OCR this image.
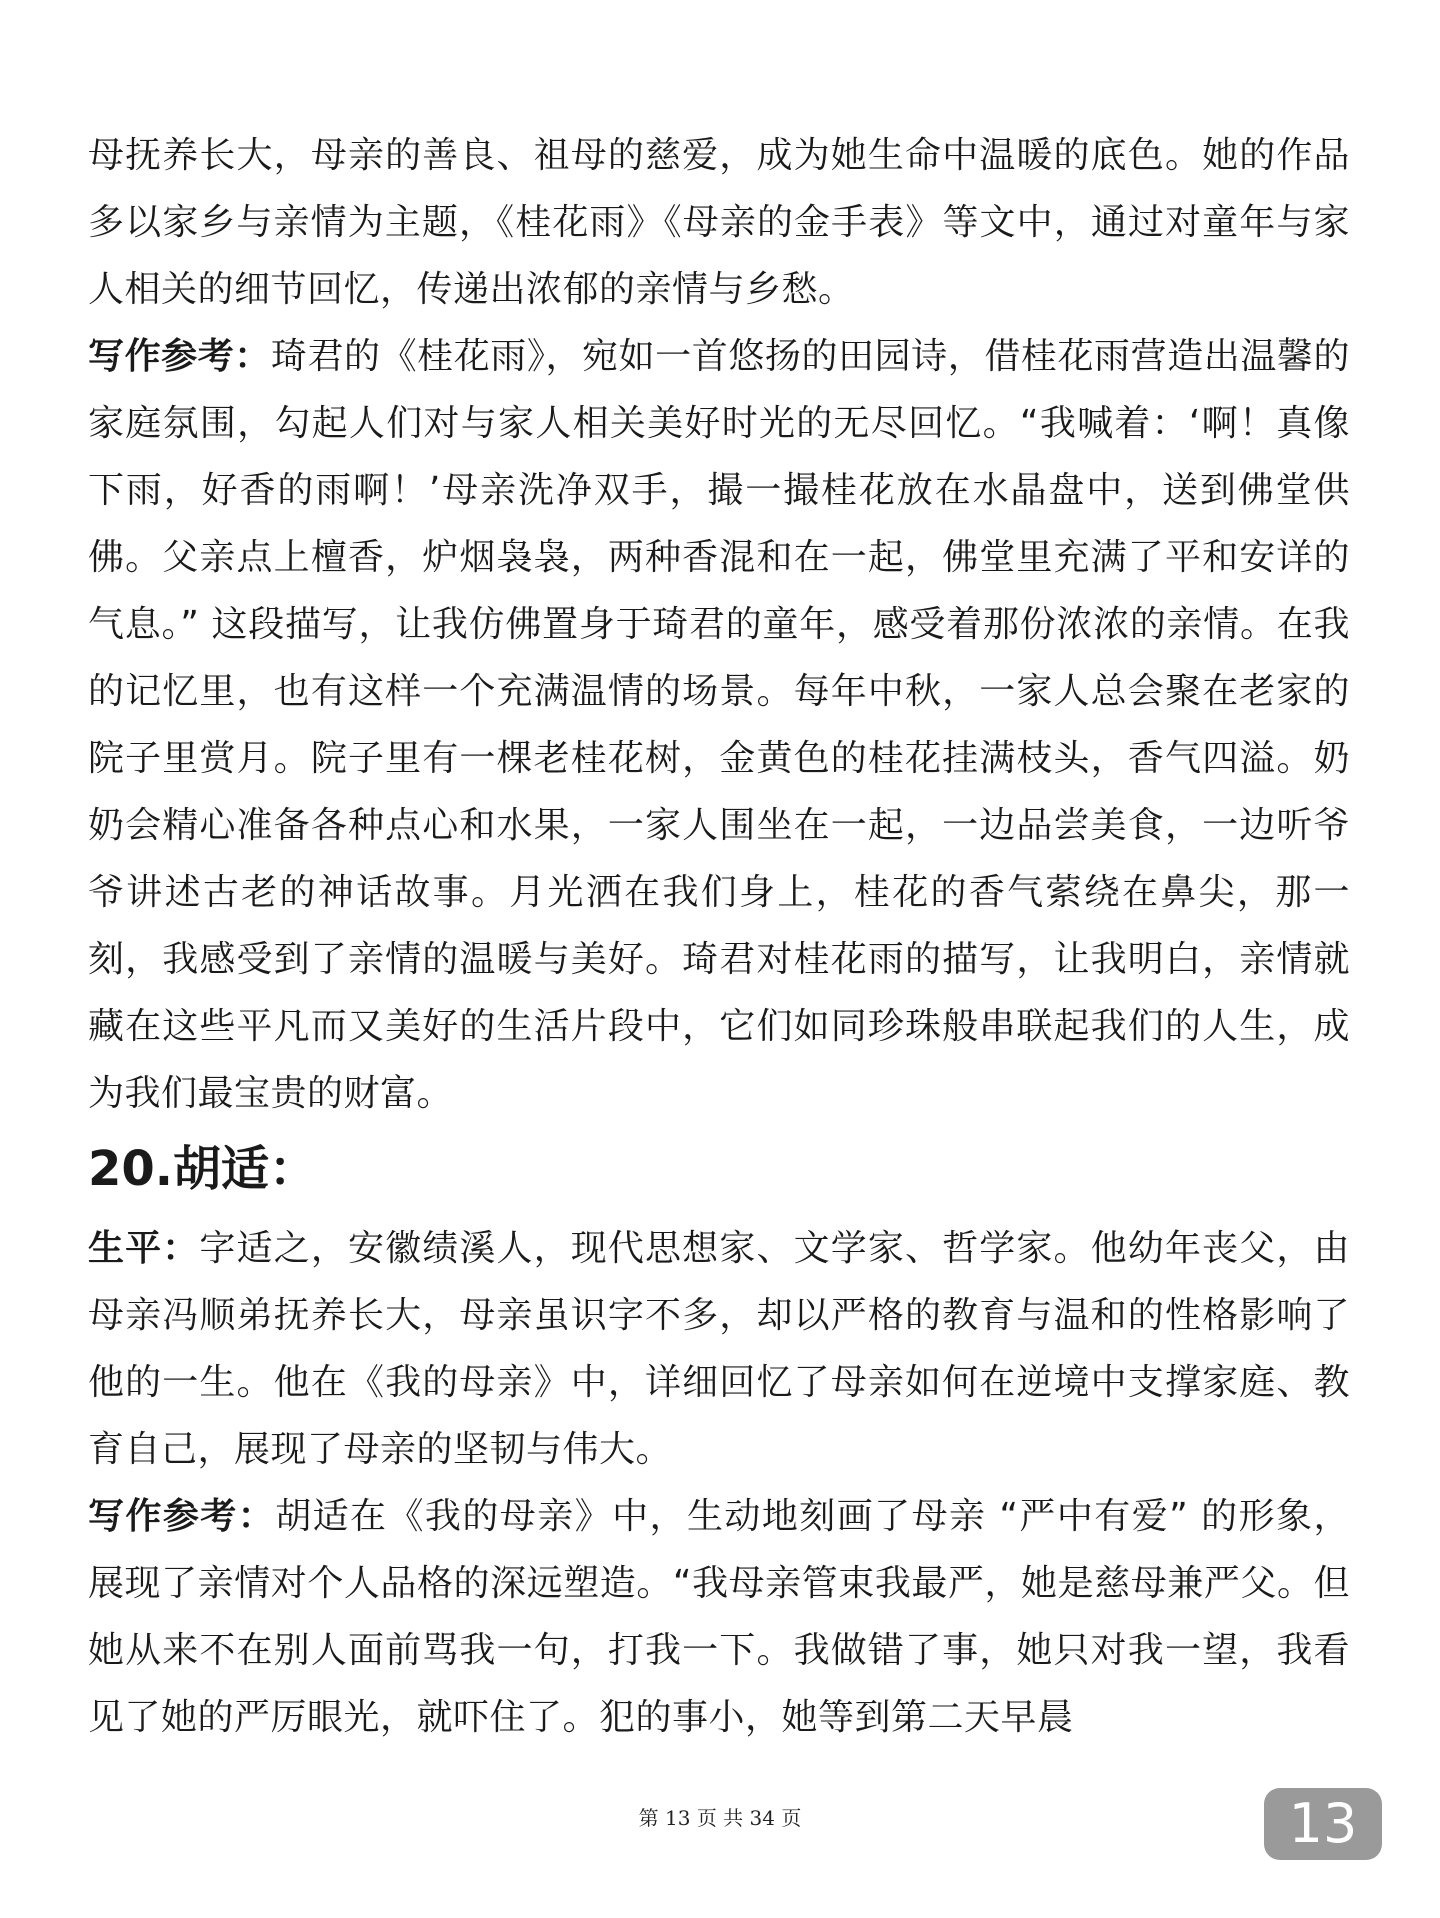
母抚养长大，母亲的善良、祖母的慈爱，成为她生命中温暖的底色。她的作品多以家乡与亲情为主题，《桂花雨》《母亲的金手表》等文中，通过对童年与家人相关的细节回忆，传递出浓郁的亲情与乡愁。

写作参考：琦君的《桂花雨》，宛如一首悠扬的田园诗，借桂花雨营造出温馨的家庭氛围，勾起人们对与家人相关美好时光的无尽回忆。“我喊着：‘啊！真像下雨，好香的雨啊！’母亲洗净双手，撮一撮桂花放在水晶盘中，送到佛堂供佛。父亲点上檀香，炉烟袅袅，两种香混和在一起，佛堂里充满了平和安详的气息。” 这段描写，让我仿佛置身于琦君的童年，感受着那份浓浓的亲情。在我的记忆里，也有这样一个充满温情的场景。每年中秋，一家人总会聚在老家的院子里赏月。院子里有一棵老桂花树，金黄色的桂花挂满枝头，香气四溢。奶奶会精心准备各种点心和水果，一家人围坐在一起，一边品尝美食，一边听爷爷讲述古老的神话故事。月光洒在我们身上，桂花的香气萦绕在鼻尖，那一刻，我感受到了亲情的温暖与美好。琦君对桂花雨的描写，让我明白，亲情就藏在这些平凡而又美好的生活片段中，它们如同珍珠般串联起我们的人生，成为我们最宝贵的财富。

20.胡适：

生平：字适之，安徽绩溪人，现代思想家、文学家、哲学家。他幼年丧父，由母亲冯顺弟抚养长大，母亲虽识字不多，却以严格的教育与温和的性格影响了他的一生。他在《我的母亲》中，详细回忆了母亲如何在逆境中支撑家庭、教育自己，展现了母亲的坚韧与伟大。

写作参考：胡适在《我的母亲》中，生动地刻画了母亲 “严中有爱” 的形象，展现了亲情对个人品格的深远塑造。“我母亲管束我最严，她是慈母兼严父。但她从来不在别人面前骂我一句，打我一下。我做错了事，她只对我一望，我看见了她的严厉眼光，就吓住了。犯的事小，她等到第二天早晨

第 13 页 共 34 页	13
